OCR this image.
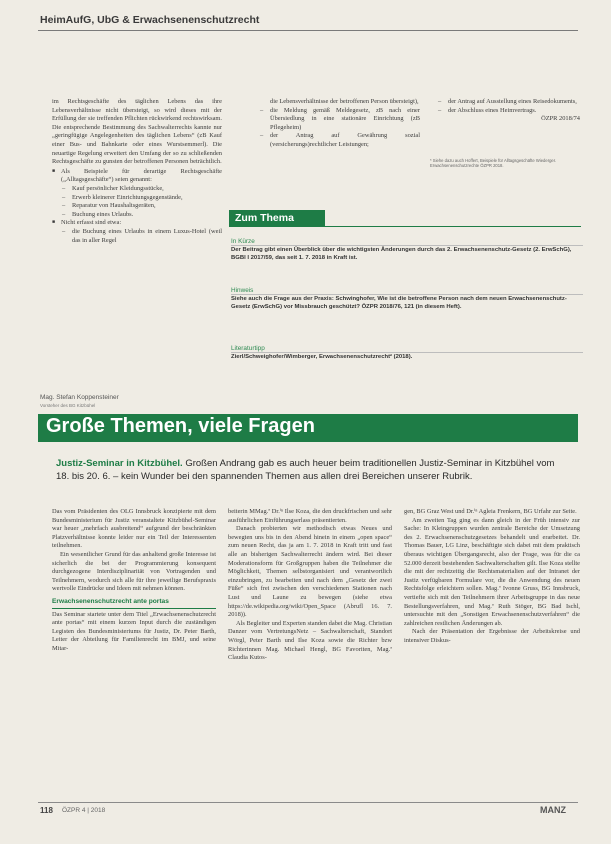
HeimAufG, UbG & Erwachsenenschutzrecht

im Rechtsgeschäfte des täglichen Lebens das ihre Lebensverhältnisse nicht übersteigt, so wird dieses mit der Erfüllung der sie treffenden Pflichten rückwirkend rechtswirksam. Die entsprechende Bestimmung des Sachwalterrechts kannte nur „geringfügige Angelegenheiten des täglichen Lebens“ (zB Kauf einer Bus- und Bahnkarte oder eines Wurstsemmerl). Die neuartige Regelung erweitert den Umfang der so zu schließenden Rechtsgeschäfte zu gunsten der betroffenen Personen beträchtlich.

■ Als Beispiele für derartige Rechtsgeschäfte („Alltagsgeschäfte“) seien genannt:
– Kauf persönlicher Kleidungsstücke,
– Erwerb kleinerer Einrichtungsgegenstände,
– Reparatur von Haushaltsgeräten,
– Buchung eines Urlaubs.
■ Nicht erfasst sind etwa:
– die Buchung eines Urlaubs in einem Luxus-Hotel (weil das in aller Regel
die Lebensverhältnisse der betroffenen Person übersteigt),
– die Meldung gemäß Meldegesetz, zB nach einer Übersiedlung in eine stationäre Einrichtung (zB Pflegeheim)
– der Antrag auf Gewährung sozial (versicherungs)rechtlicher Leistungen;
– der Antrag auf Ausstellung eines Reisedokuments,
– der Abschluss eines Heimvertrags.
ÖZPR 2018/74
* Siehe dazu auch Hoffert, Beispiele für Alltagsgeschäfte Wiederger. Erwachsenenschutzrechte ÖZPR 2018.
Zum Thema
In Kürze
Der Beitrag gibt einen Überblick über die wichtigsten Änderungen durch das 2. Erwachsenenschutz-Gesetz (2. ErwSchG), BGBl I 2017/59, das seit 1. 7. 2018 in Kraft ist.
Hinweis
Siehe auch die Frage aus der Praxis: Schwinghofer, Wie ist die betroffene Person nach dem neuen Erwachsenenschutz-Gesetz (ErwSchG) vor Missbrauch geschützt? ÖZPR 2018/76, 121 (in diesem Heft).
Literaturtipp
Zierl/Schweighofer/Wimberger, Erwachsenenschutzrecht² (2018).
Mag. Stefan Koppensteiner
Vorsteher des BG Kitzbühel
Große Themen, viele Fragen
Justiz-Seminar in Kitzbühel. Großen Andrang gab es auch heuer beim traditionellen Justiz-Seminar in Kitzbühel vom 18. bis 20. 6. – kein Wunder bei den spannenden Themen aus allen drei Bereichen unserer Rubrik.

Das vom Präsidenten des OLG Innsbruck konzipierte mit dem Bundesministerium für Justiz veranstaltete Kitzbühel-Seminar war heuer „mehrfach ausbreitend“ aufgrund der beschränkten Platzverhältnisse konnte leider nur ein Teil der Interessenten teilnehmen.

Ein wesentlicher Grund für das anhaltend große Interesse ist sicherlich die bei der Programmierung konsequent durchgezogene Interdisziplinarität von Vortragenden und Teilnehmern, wodurch sich alle für ihre jeweilige Berufspraxis wertvolle Eindrücke und Ideen mit nehmen können.

Erwachsenenschutzrecht ante portas

Das Seminar startete unter dem Titel „Erwachsenenschutzrecht ante portas“ mit einem kurzen Input durch die zuständigen Legisten des Bundesministeriums für Justiz, Dr. Peter Barth, Leiter der Abteilung für Familienrecht im BMJ, und seine Mitar-

beiterin MMag.ª Dr.ⁱⁿ Ilse Koza, die den druckfrischen und sehr ausführlichen Einführungserlass präsentierten.

Danach probierten wir methodisch etwas Neues und bewegten uns bis in den Abend hinein in einem „open space“ zum neuen Recht, das ja am 1. 7. 2018 in Kraft tritt und fast alle an bisherigen Sachwalterrecht ändern wird. Bei dieser Moderationsform für Großgruppen haben die Teilnehmer die Möglichkeit, Themen selbstorganisiert und verantwortlich einzubringen, zu bearbeiten und nach dem „Gesetz der zwei Füße“ sich frei zwischen den verschiedenen Stationen nach Lust und Laune zu bewegen (siehe etwa https://de.wikipedia.org/wiki/Open_Space (Abrufl 16. 7. 2018)).

Als Begleiter und Experten standen dabei die Mag. Christian Danzer vom VertretungsNetz – Sachwalterschaft, Standort Wörgl, Peter Barth und Ilse Koza sowie die Richter bzw Richterinnen Mag. Michael Hengl, BG Favoriten, Mag.ª Claudia Kutos-

gen, BG Graz West und Dr.ⁱⁿ Agleia Frenkern, BG Urfahr zur Seite.

Am zweiten Tag ging es dann gleich in der Früh intensiv zur Sache: In Kleingruppen wurden zentrale Bereiche der Umsetzung des 2. Erwachsenenschutzgesetzes behandelt und erarbeitet. Dr. Thomas Bauer, LG Linz, beschäftigte sich dabei mit dem praktisch überaus wichtigen Übergangsrecht, also der Frage, was für die ca 52.000 derzeit bestehenden Sachwalterschaften gilt. Ilse Koza stellte die mit der rechtzeitig die Rechtsmaterialien auf der Intranet der Justiz verfügbaren Formulare vor, die die Anwendung des neuen Rechtsfolge erleichtern sollen. Mag.ª Ivonne Gruss, BG Innsbruck, vertiefte sich mit den Teilnehmern ihrer Arbeitsgruppe in das neue Bestellungsverfahren, und Mag.ª Ruth Stöger, BG Bad Ischl, untersuchte mit den „Sonstigen Erwachsenenschutzverfahren“ die zahlreichen restlichen Änderungen ab.

Nach der Präsentation der Ergebnisse der Arbeitskreise und intensiver Diskus-

118 ÖZPR 4 | 2018	MANZ
